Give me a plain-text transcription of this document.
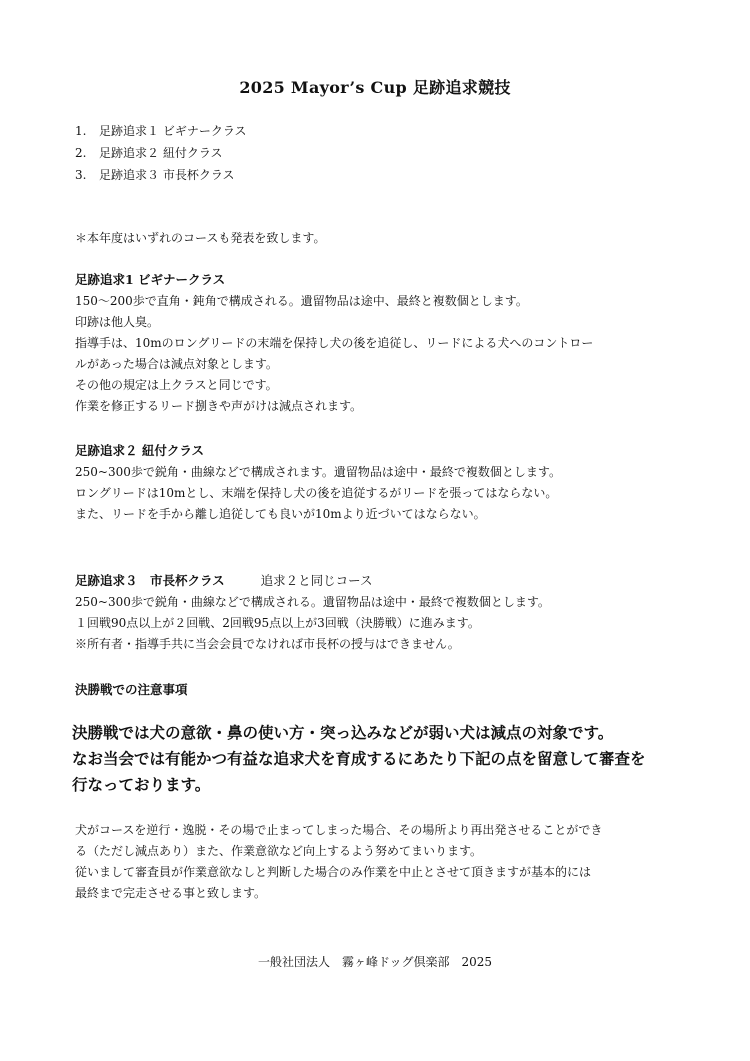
2025 Mayor’s Cup 足跡追求競技
1. 足跡追求１ ビギナークラス
2. 足跡追求２ 紐付クラス
3. 足跡追求３ 市長杯クラス

＊本年度はいずれのコースも発表を致します。

足跡追求1 ビギナークラス

150〜200歩で直角・鈍角で構成される。遺留物品は途中、最終と複数個とします。

印跡は他人臭。

指導手は、10mのロングリードの末端を保持し犬の後を追従し、リードによる犬へのコントロー

ルがあった場合は減点対象とします。

その他の規定は上クラスと同じです。

作業を修正するリード捌きや声がけは減点されます。

足跡追求２ 紐付クラス

250~300歩で鋭角・曲線などで構成されます。遺留物品は途中・最終で複数個とします。

ロングリードは10mとし、末端を保持し犬の後を追従するがリードを張ってはならない。

また、リードを手から離し追従しても良いが10mより近づいてはならない。

足跡追求３　市長杯クラス	追求２と同じコース

250~300歩で鋭角・曲線などで構成される。遺留物品は途中・最終で複数個とします。

１回戦90点以上が２回戦、2回戦95点以上が3回戦（決勝戦）に進みます。

※所有者・指導手共に当会会員でなければ市長杯の授与はできません。

決勝戦での注意事項

決勝戦では犬の意欲・鼻の使い方・突っ込みなどが弱い犬は減点の対象です。

なお当会では有能かつ有益な追求犬を育成するにあたり下記の点を留意して審査を

行なっております。

犬がコースを逆行・逸脱・その場で止まってしまった場合、その場所より再出発させることができ

る（ただし減点あり）また、作業意欲など向上するよう努めてまいります。

従いまして審査員が作業意欲なしと判断した場合のみ作業を中止とさせて頂きますが基本的には

最終まで完走させる事と致します。

一般社団法人　霧ヶ峰ドッグ倶楽部　2025
